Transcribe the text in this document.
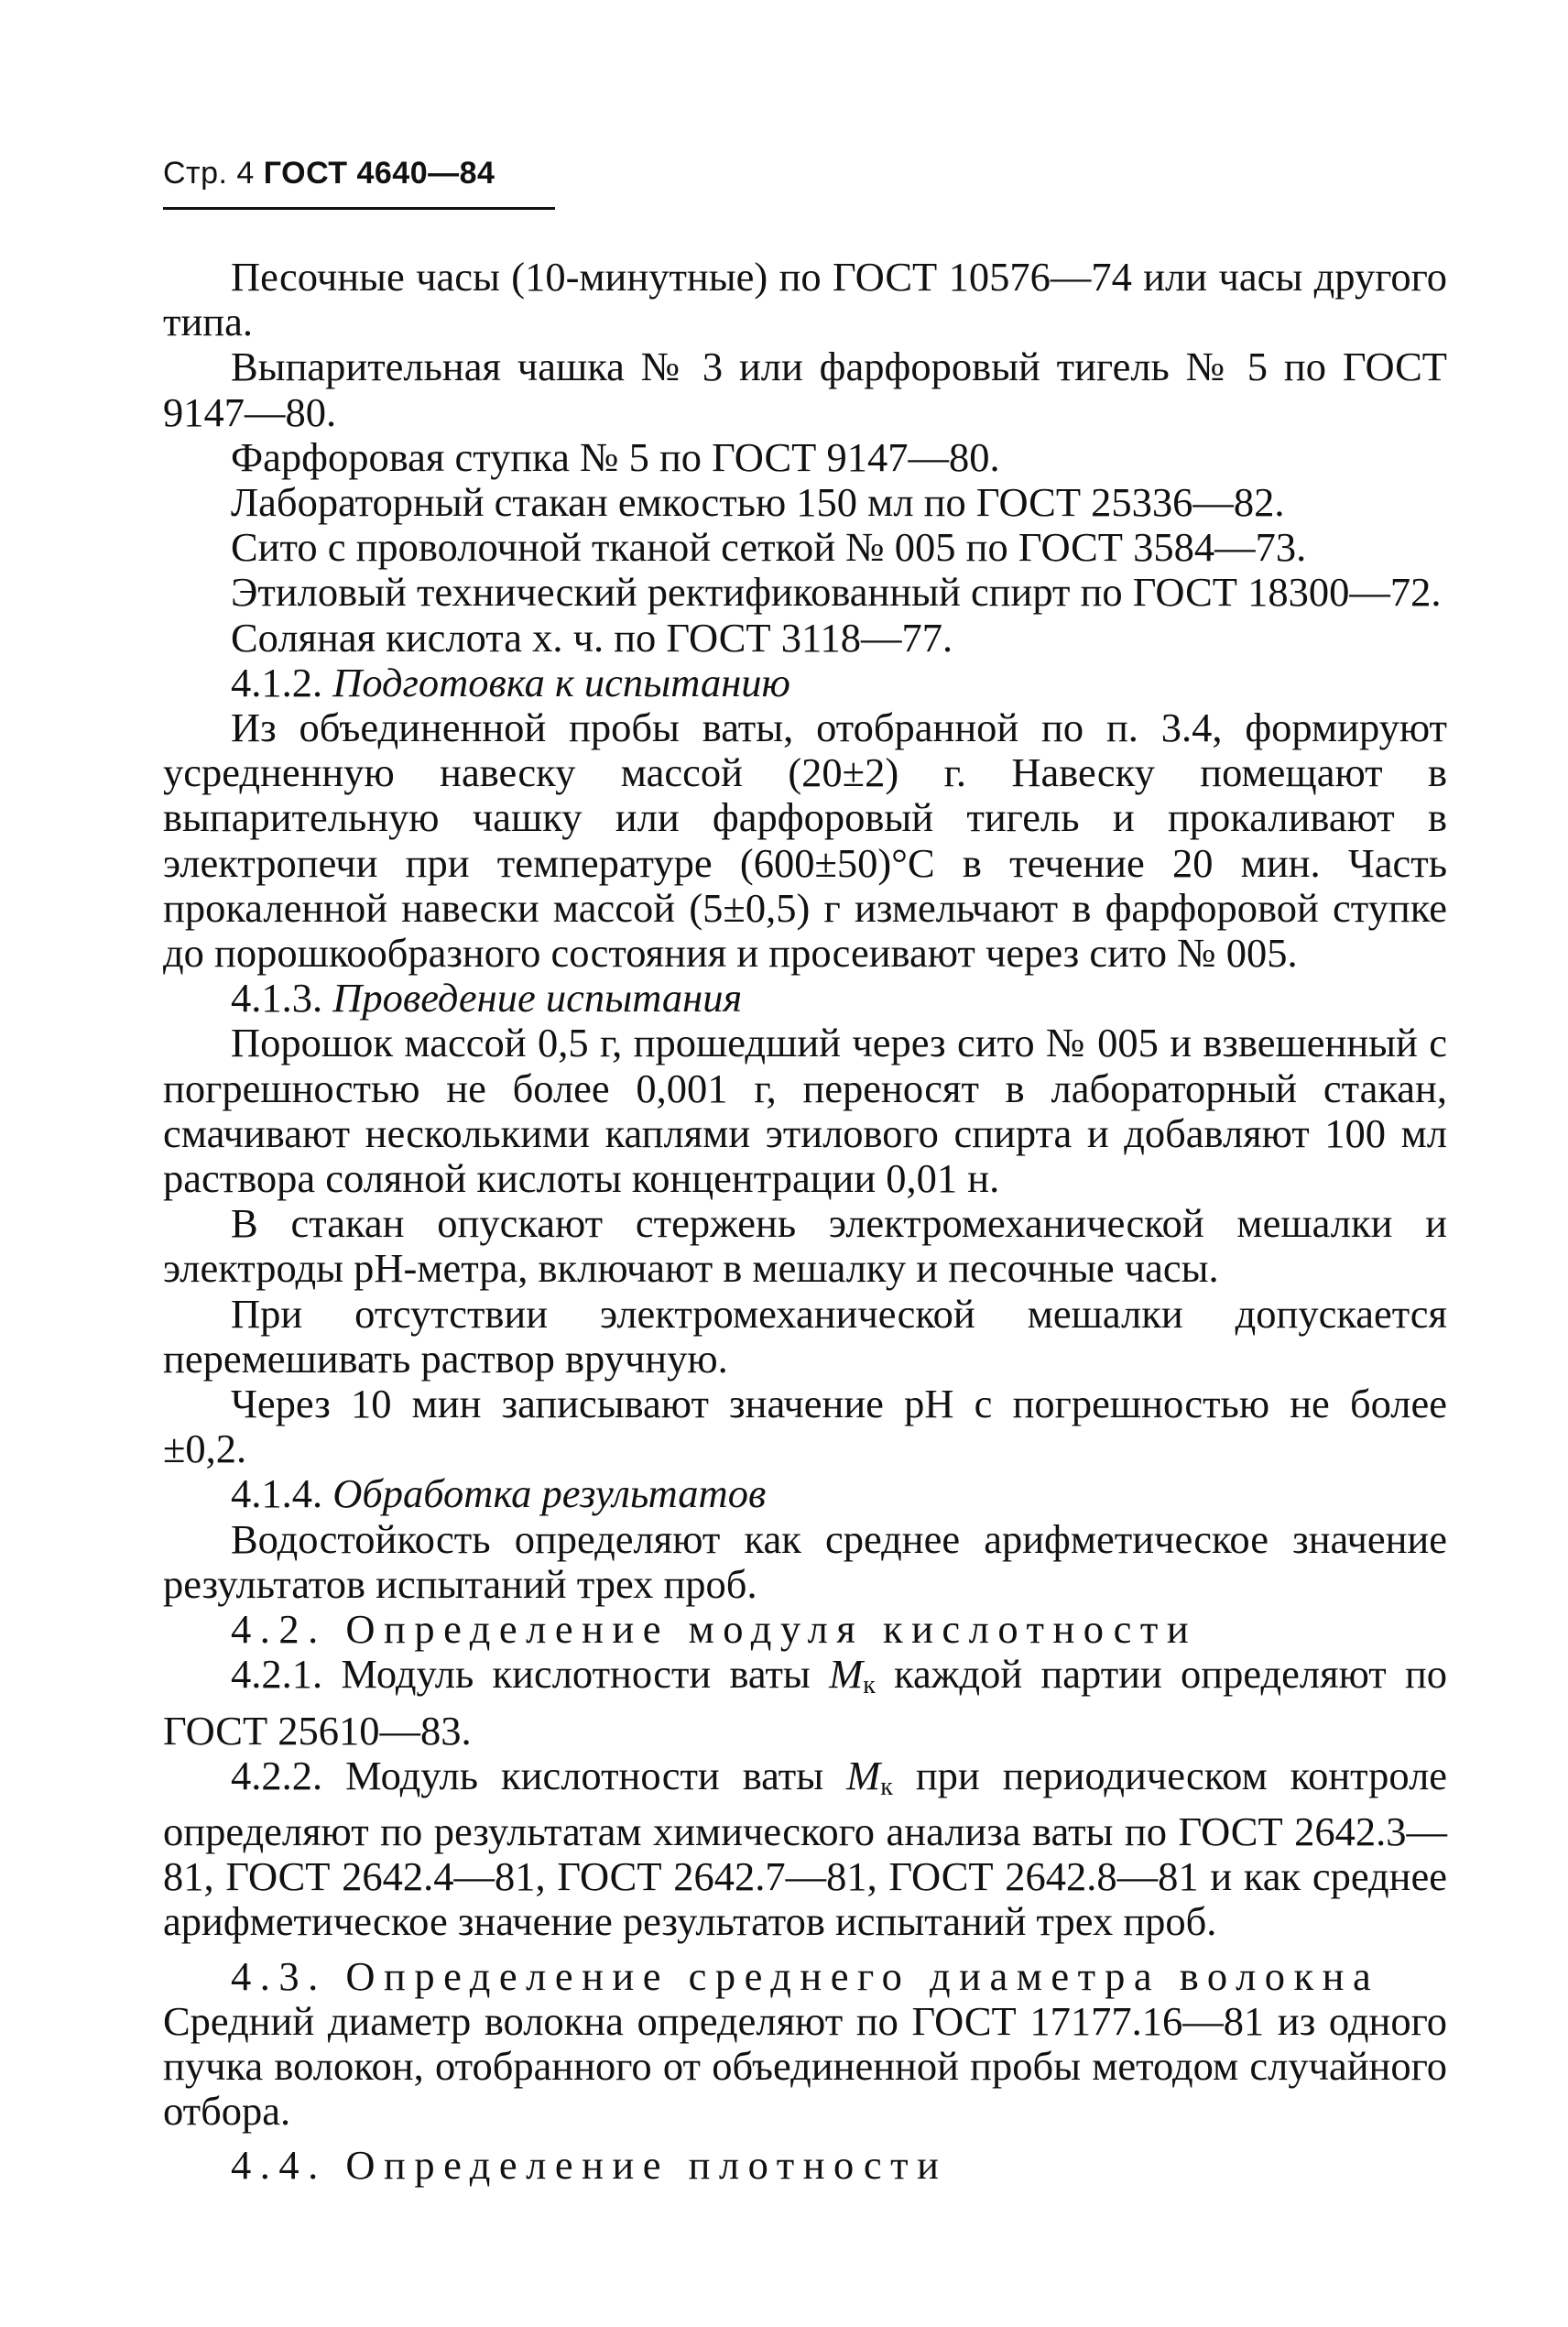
Стр. 4 ГОСТ 4640—84

Песочные часы (10-минутные) по ГОСТ 10576—74 или часы другого типа.

Выпарительная чашка № 3 или фарфоровый тигель № 5 по ГОСТ 9147—80.

Фарфоровая ступка № 5 по ГОСТ 9147—80.

Лабораторный стакан емкостью 150 мл по ГОСТ 25336—82.

Сито с проволочной тканой сеткой № 005 по ГОСТ 3584—73.

Этиловый технический ректификованный спирт по ГОСТ 18300—72.

Соляная кислота х. ч. по ГОСТ 3118—77.

4.1.2. Подготовка к испытанию

Из объединенной пробы ваты, отобранной по п. 3.4, формируют усредненную навеску массой (20±2) г. Навеску помещают в выпарительную чашку или фарфоровый тигель и прокаливают в электропечи при температуре (600±50)°С в течение 20 мин. Часть прокаленной навески массой (5±0,5) г измельчают в фарфоровой ступке до порошкообразного состояния и просеивают через сито № 005.

4.1.3. Проведение испытания

Порошок массой 0,5 г, прошедший через сито № 005 и взвешенный с погрешностью не более 0,001 г, переносят в лабораторный стакан, смачивают несколькими каплями этилового спирта и добавляют 100 мл раствора соляной кислоты концентрации 0,01 н.

В стакан опускают стержень электромеханической мешалки и электроды рН-метра, включают в мешалку и песочные часы.

При отсутствии электромеханической мешалки допускается перемешивать раствор вручную.

Через 10 мин записывают значение рН с погрешностью не более ±0,2.

4.1.4. Обработка результатов

Водостойкость определяют как среднее арифметическое значение результатов испытаний трех проб.

4.2. Определение модуля кислотности

4.2.1. Модуль кислотности ваты $М_к$ каждой партии определяют по ГОСТ 25610—83.

4.2.2. Модуль кислотности ваты $М_к$ при периодическом контроле определяют по результатам химического анализа ваты по ГОСТ 2642.3—81, ГОСТ 2642.4—81, ГОСТ 2642.7—81, ГОСТ 2642.8—81 и как среднее арифметическое значение результатов испытаний трех проб.

4.3. Определение среднего диаметра волокна

Средний диаметр волокна определяют по ГОСТ 17177.16—81 из одного пучка волокон, отобранного от объединенной пробы методом случайного отбора.

4.4. Определение плотности
